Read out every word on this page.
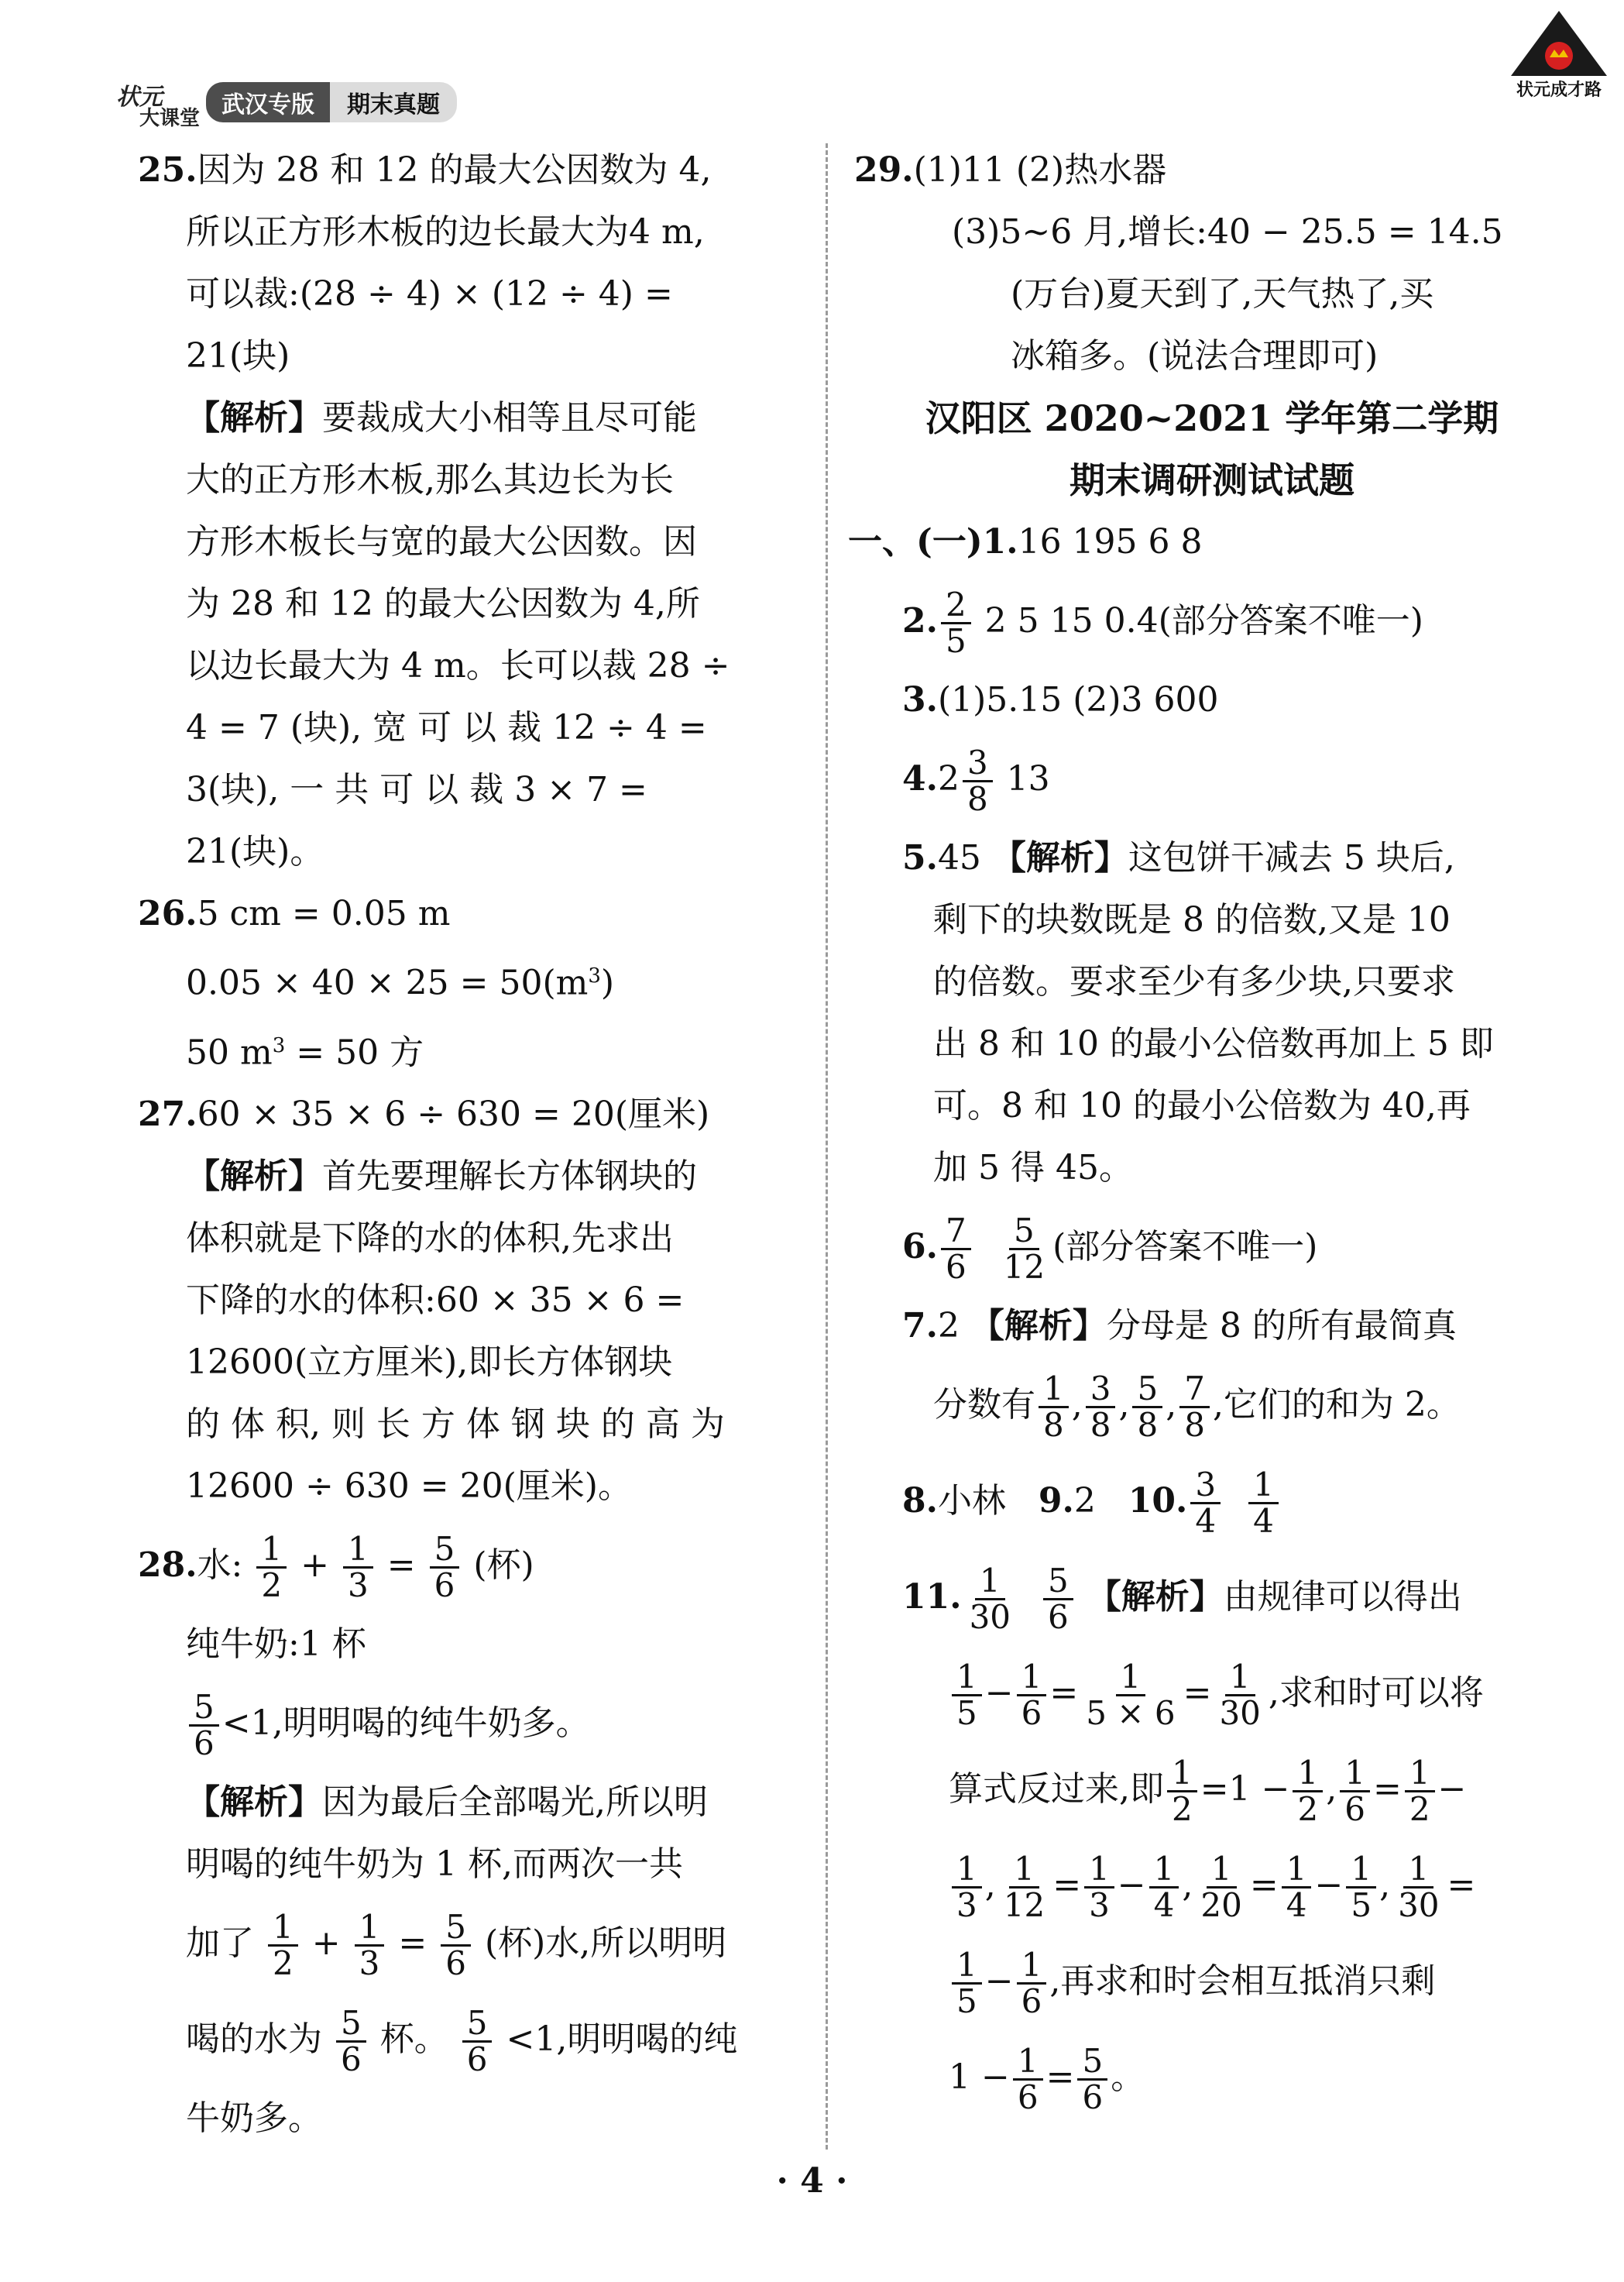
状元
大课堂 武汉专版	期末真题
状元成才路
25.因为 28 和 12 的最大公因数为 4,
所以正方形木板的边长最大为4 m,
可以裁:(28 ÷ 4) × (12 ÷ 4) =
21(块)
【解析】要裁成大小相等且尽可能
大的正方形木板,那么其边长为长
方形木板长与宽的最大公因数。因
为 28 和 12 的最大公因数为 4,所
以边长最大为 4 m。长可以裁 28 ÷
4 = 7 (块), 宽 可 以 裁 12 ÷ 4 =
3(块), 一 共 可 以 裁 3 × 7 =
21(块)。
26.5 cm = 0.05 m
$0.05 \times 40 \times 25 = 50(m^3)$
50 $m^3 = 50$ 方
27.60 × 35 × 6 ÷ 630 = 20(厘米)
【解析】首先要理解长方体钢块的
体积就是下降的水的体积,先求出
下降的水的体积:60 × 35 × 6 =
12600(立方厘米),即长方体钢块
的 体 积, 则 长 方 体 钢 块 的 高 为
12600 ÷ 630 = 20(厘米)。
28.水: $\frac{1}{2} + \frac{1}{3} = \frac{5}{6}$ (杯)
纯牛奶:1 杯
$\frac{5}{6} <1$,明明喝的纯牛奶多。
【解析】因为最后全部喝光,所以明
明喝的纯牛奶为 1 杯,而两次一共
加了 $\frac{1}{2} + \frac{1}{3} = \frac{5}{6}$ (杯)水,所以明明
喝的水为 $\frac{5}{6}$ 杯。 $\frac{5}{6} <1$,明明喝的纯
牛奶多。
29.(1)11 (2)热水器
(3)5~6 月,增长:40 − 25.5 = 14.5
(万台)夏天到了,天气热了,买
冰箱多。(说法合理即可)
汉阳区 2020~2021 学年第二学期
期末调研测试试题
一、(一)1.16 195 6 8
2. $\frac{2}{5} 2$ 5 15 0.4(部分答案不唯一)
3.(1)5.15 (2)3 600
$4.2 \frac{3}{8} 13$
5.45 【解析】这包饼干减去 5 块后,
剩下的块数既是 8 的倍数,又是 10
的倍数。要求至少有多少块,只要求
出 8 和 10 的最小公倍数再加上 5 即
可。8 和 10 的最小公倍数为 40,再
加 5 得 45。
6. $\frac{7}{6}$
$\frac{5}{12}$ (部分答案不唯一)
7.2 【解析】分母是 8 的所有最简真
分数有 $\frac{1}{8}$ , $\frac{3}{8}$ , $\frac{5}{8}$ , $\frac{7}{8}$ ,它们的和为 2。
8.小林 9.2 10. $\frac{3}{4}$
$\frac{1}{4}$
11. $\frac{1}{30}$
$\frac{5}{6}$ 【解析】由规律可以得出
$\frac{1}{5} - \frac{1}{6} = \frac{1}{5 \times 6} = \frac{1}{30}$ ,求和时可以将
算式反过来,即 $\frac{1}{2} =1 - \frac{1}{2}$ , $\frac{1}{6} = \frac{1}{2}$ −
$\frac{1}{3}$ , $\frac{1}{12} = \frac{1}{3} - \frac{1}{4}$ , $\frac{1}{20} = \frac{1}{4} - \frac{1}{5}$ , $\frac{1}{30}$ =
$\frac{1}{5} - \frac{1}{6}$ ,再求和时会相互抵消只剩
$1 - \frac{1}{6} = \frac{5}{6}$ 。
· 4 ·
